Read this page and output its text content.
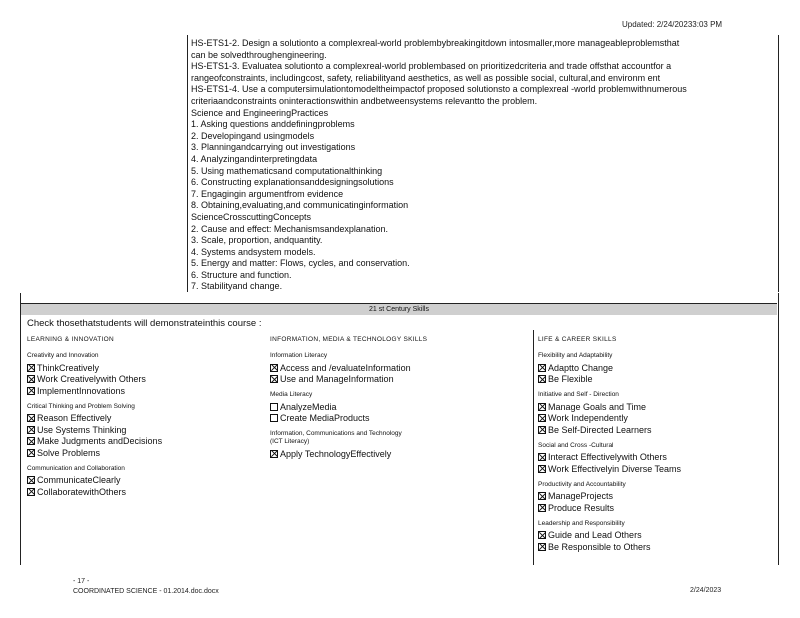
Updated: 2/24/20233:03 PM
HS-ETS1-2. Design a solutionto a complexreal-world problembybreakingitdown intosmaller,more manageableproblemsthat
can be solvedthroughengineering.
HS-ETS1-3. Evaluatea solutionto a complexreal-world problembased on prioritizedcriteria and trade offsthat accountfor a
rangeofconstraints, includingcost, safety, reliabilityand aesthetics, as well as possible social, cultural,and environm ent
HS-ETS1-4. Use a computersimulationtomodeltheimpactof proposed solutionsto a complexreal -world problemwithnumerous
criteriaandconstraints oninteractionswithin andbetweensystems relevantto the problem.
Science and EngineeringPractices
1. Asking questions anddefiningproblems
2. Developingand usingmodels
3. Planningandcarrying out investigations
4. Analyzingandinterpretingdata
5. Using mathematicsand computationalthinking
6. Constructing explanationsanddesigningsolutions
7. Engagingin argumentfrom evidence
8. Obtaining,evaluating,and communicatinginformation
ScienceCrosscuttingConcepts
2. Cause and effect: Mechanismsandexplanation.
3. Scale, proportion, andquantity.
4. Systems andsystem models.
5. Energy and matter: Flows, cycles, and conservation.
6. Structure and function.
7. Stabilityand change.
21 st Century Skills
Check thosethatstudents will demonstrateinthis course :
LEARNING & INNOVATION
Creativity and Innovation
ThinkCreatively
Work Creativelywith Others
ImplementInnovations
Critical Thinking and Problem Solving
Reason Effectively
Use Systems Thinking
Make Judgments andDecisions
Solve Problems
Communication and Collaboration
CommunicateClearly
CollaboratewithOthers
INFORMATION, MEDIA & TECHNOLOGY SKILLS
Information Literacy
Access and /evaluateInformation
Use and ManageInformation
Media Literacy
AnalyzeMedia
Create MediaProducts
Information, Communications and Technology
(ICT Literacy)
Apply TechnologyEffectively
LIFE & CAREER SKILLS
Flexibility and Adaptability
Adaptto Change
Be Flexible
Initiative and Self - Direction
Manage Goals and Time
Work Independently
Be Self-Directed Learners
Social and Cross -Cultural
Interact Effectivelywith Others
Work Effectivelyin Diverse Teams
Productivity and Accountability
ManageProjects
Produce Results
Leadership and Responsibility
Guide and Lead Others
Be Responsible to Others
- 17 -
COORDINATED SCIENCE - 01.2014.doc.docx	2/24/2023
